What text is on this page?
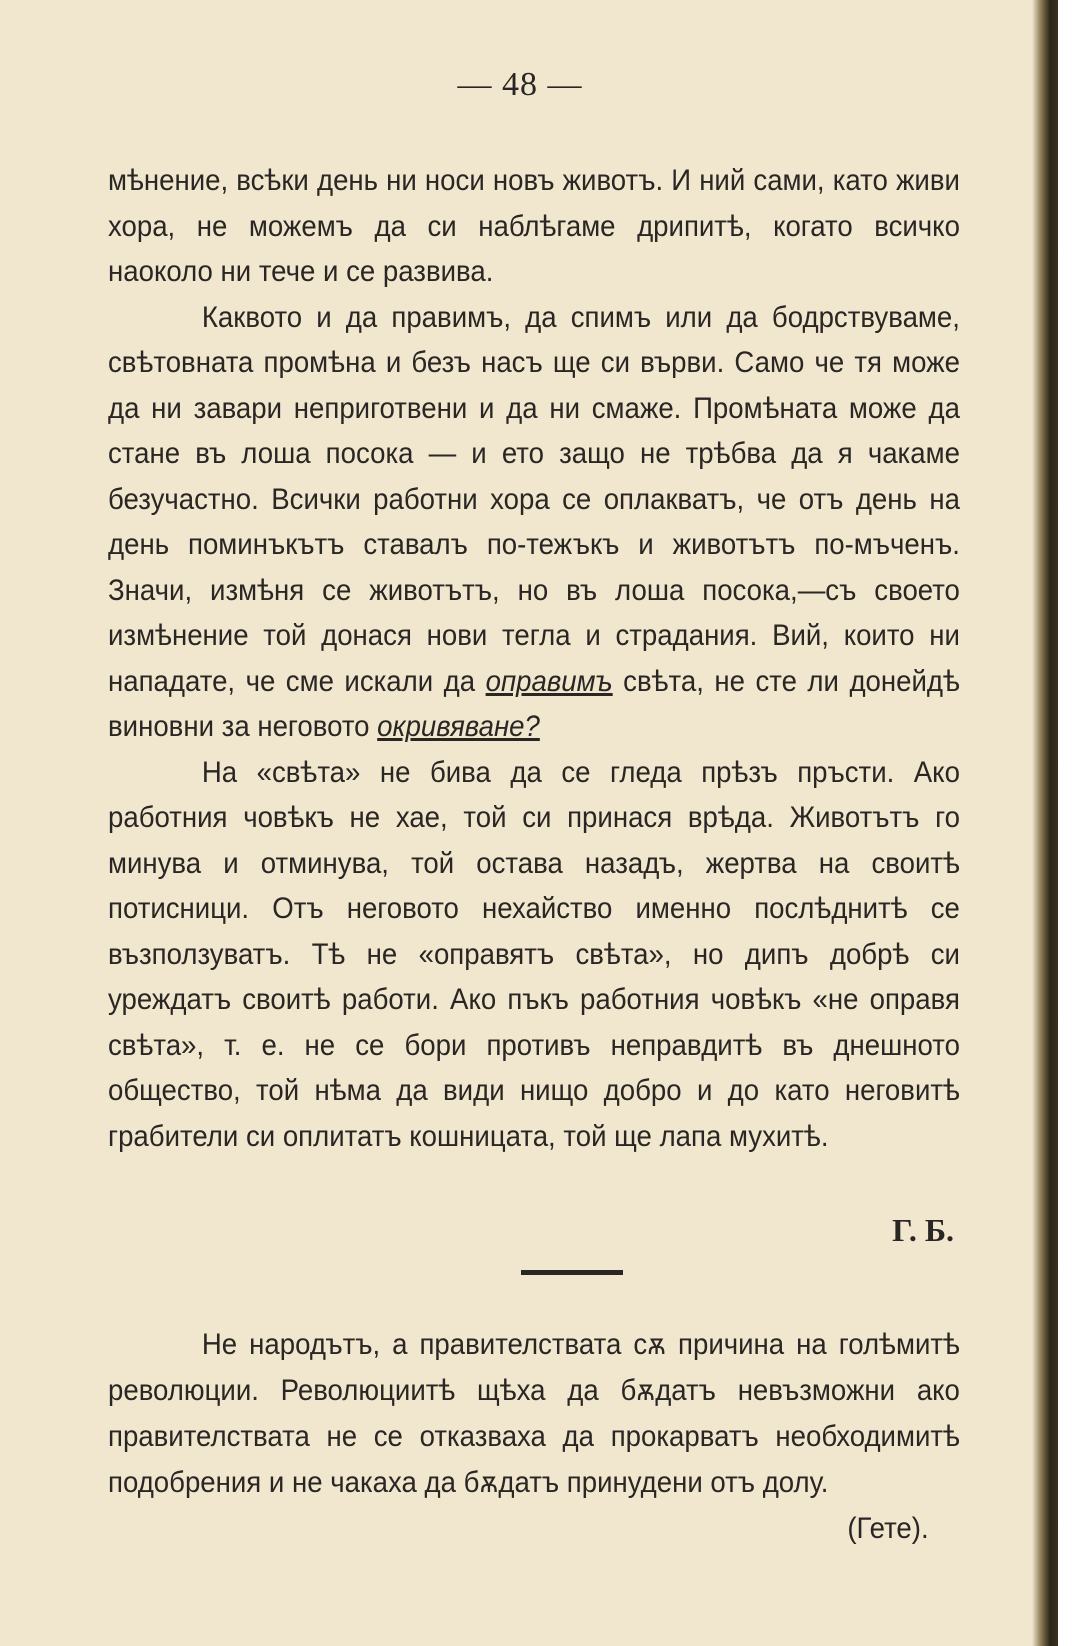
— 48 —

мѣнение, всѣки день ни носи новъ животъ. И ний сами, като живи хора, не можемъ да си наблѣгаме дрипитѣ, когато всичко наоколо ни тече и се развива.

Каквото и да правимъ, да спимъ или да бодрствуваме, свѣтовната промѣна и безъ насъ ще си върви. Само че тя може да ни завари неприготвени и да ни смаже. Промѣната може да стане въ лоша посока — и ето защо не трѣбва да я чакаме безучастно. Всички работни хора се оплакватъ, че отъ день на день поминъкътъ ставалъ по-тежъкъ и животътъ по-мъченъ. Значи, измѣня се животътъ, но въ лоша посока,—съ своето измѣнение той донася нови тегла и страдания. Вий, които ни нападате, че сме искали да оправимъ свѣта, не сте ли донейдѣ виновни за неговото окривяване?

На «свѣта» не бива да се гледа прѣзъ пръсти. Ако работния човѣкъ не хае, той си принася врѣда. Животътъ го минува и отминува, той остава назадъ, жертва на своитѣ потисници. Отъ неговото нехайство именно послѣднитѣ се възползуватъ. Тѣ не «оправятъ свѣта», но дипъ добрѣ си уреждатъ своитѣ работи. Ако пъкъ работния човѣкъ «не оправя свѣта», т. е. не се бори противъ неправдитѣ въ днешното общество, той нѣма да види нищо добро и до като неговитѣ грабители си оплитатъ кошницата, той ще лапа мухитѣ.

Г. Б.

Не народътъ, а правителствата сѫ причина на голѣмитѣ революции. Революциитѣ щѣха да бѫдатъ невъзможни ако правителствата не се отказваха да прокарватъ необходимитѣ подобрения и не чакаха да бѫдатъ принудени отъ долу.
(Гете).
